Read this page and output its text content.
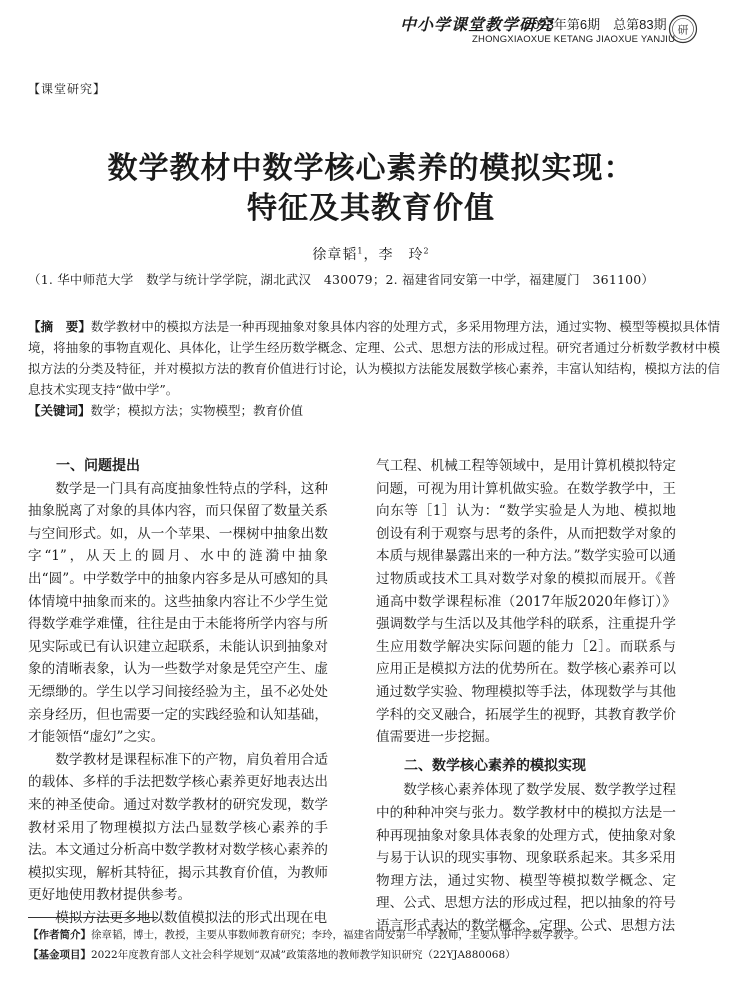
中小学课堂教学研究
2023年第6期　总第83期
ZHONGXIAOXUE KETANG JIAOXUE YANJIU
研
【课堂研究】
数学教材中数学核心素养的模拟实现：
特征及其教育价值
徐章韬$^1$，李　玲$^2$
（1. 华中师范大学　数学与统计学学院，湖北武汉　430079；2. 福建省同安第一中学，福建厦门　361100）
【摘　要】数学教材中的模拟方法是一种再现抽象对象具体内容的处理方式，多采用物理方法，通过实物、模型等模拟具体情境，将抽象的事物直观化、具体化，让学生经历数学概念、定理、公式、思想方法的形成过程。研究者通过分析数学教材中模拟方法的分类及特征，并对模拟方法的教育价值进行讨论，认为模拟方法能发展数学核心素养，丰富认知结构，模拟方法的信息技术实现支持“做中学”。
【关键词】数学；模拟方法；实物模型；教育价值
一、问题提出

数学是一门具有高度抽象性特点的学科，这种抽象脱离了对象的具体内容，而只保留了数量关系与空间形式。如，从一个苹果、一棵树中抽象出数字“1”，从天上的圆月、水中的涟漪中抽象出“圆”。中学数学中的抽象内容多是从可感知的具体情境中抽象而来的。这些抽象内容让不少学生觉得数学难学难懂，往往是由于未能将所学内容与所见实际或已有认识建立起联系，未能认识到抽象对象的清晰表象，认为一些数学对象是凭空产生、虚无缥缈的。学生以学习间接经验为主，虽不必处处亲身经历，但也需要一定的实践经验和认知基础，才能领悟“虚幻”之实。

数学教材是课程标准下的产物，肩负着用合适的载体、多样的手法把数学核心素养更好地表达出来的神圣使命。通过对数学教材的研究发现，数学教材采用了物理模拟方法凸显数学核心素养的手法。本文通过分析高中数学教材对数学核心素养的模拟实现，解析其特征，揭示其教育价值，为教师更好地使用教材提供参考。

模拟方法更多地以数值模拟法的形式出现在电

气工程、机械工程等领域中，是用计算机模拟特定问题，可视为用计算机做实验。在数学教学中，王向东等［1］认为：“数学实验是人为地、模拟地创设有利于观察与思考的条件，从而把数学对象的本质与规律暴露出来的一种方法。”数学实验可以通过物质或技术工具对数学对象的模拟而展开。《普通高中数学课程标准（2017年版2020年修订）》强调数学与生活以及其他学科的联系，注重提升学生应用数学解决实际问题的能力［2］。而联系与应用正是模拟方法的优势所在。数学核心素养可以通过数学实验、物理模拟等手法，体现数学与其他学科的交叉融合，拓展学生的视野，其教育教学价值需要进一步挖掘。

二、数学核心素养的模拟实现

数学核心素养体现了数学发展、数学教学过程中的种种冲突与张力。数学教材中的模拟方法是一种再现抽象对象具体表象的处理方式，使抽象对象与易于认识的现实事物、现象联系起来。其多采用物理方法，通过实物、模型等模拟数学概念、定理、公式、思想方法的形成过程，把以抽象的符号语言形式表达的数学概念、定理、公式、思想方法

【作者简介】徐章韬，博士，教授，主要从事数师教育研究；李玲，福建省同安第一中学教师，主要从事中学数学教学。
【基金项目】2022年度教育部人文社会科学规划“双减”政策落地的教师教学知识研究（22YJA880068）
